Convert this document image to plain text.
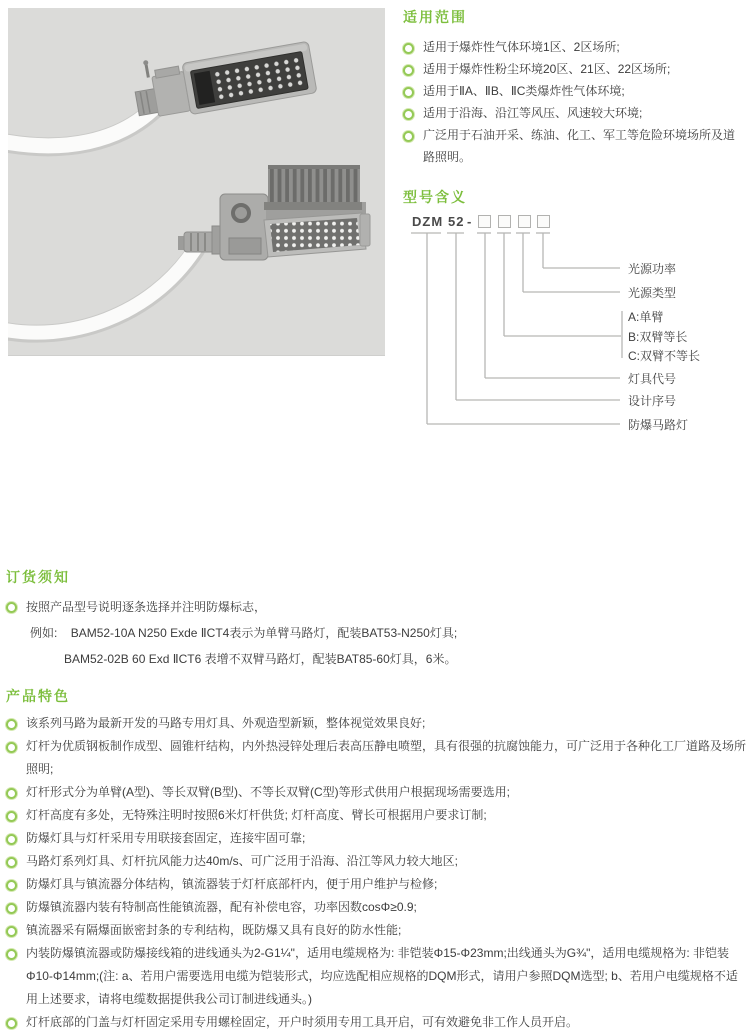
适用范围
适用于爆炸性气体环境1区、2区场所;
适用于爆炸性粉尘环境20区、21区、22区场所;
适用于ⅡA、ⅡB、ⅡC类爆炸性气体环境;
适用于沿海、沿江等风压、风速较大环境;
广泛用于石油开采、练油、化工、军工等危险环境场所及道路照明。
型号含义
DZM 52 -
光源功率
光源类型
A:单臂
B:双臂等长
C:双臂不等长
灯具代号
设计序号
防爆马路灯
订货须知
按照产品型号说明逐条选择并注明防爆标志，
例如: BAM52-10A N250 Exde ⅡCT4表示为单臂马路灯，配装BAT53-N250灯具;
BAM52-02B 60 Exd ⅡCT6 表增不双臂马路灯，配装BAT85-60灯具，6米。
产品特色
该系列马路为最新开发的马路专用灯具、外观造型新颖，整体视觉效果良好;
灯杆为优质钢板制作成型、圆锥杆结构，内外热浸锌处理后表高压静电喷塑，具有很强的抗腐蚀能力，可广泛用于各种化工厂道路及场所照明;
灯杆形式分为单臂(A型)、等长双臂(B型)、不等长双臂(C型)等形式供用户根据现场需要选用;
灯杆高度有多处，无特殊注明时按照6米灯杆供货; 灯杆高度、臂长可根据用户要求订制;
防爆灯具与灯杆采用专用联接套固定，连接牢固可靠;
马路灯系列灯具、灯杆抗风能力达40m/s、可广泛用于沿海、沿江等风力较大地区;
防爆灯具与镇流器分体结构，镇流器装于灯杆底部杆内，便于用户维护与检修;
防爆镇流器内装有特制高性能镇流器，配有补偿电容，功率因数cosΦ≥0.9;
镇流器采有隔爆面嵌密封条的专利结构，既防爆又具有良好的防水性能;
内装防爆镇流器或防爆接线箱的进线通头为2-G1¼"，适用电缆规格为: 非铠装Φ15-Φ23mm;出线通头为G¾"，适用电缆规格为: 非铠装Φ10-Φ14mm;(注: a、若用户需要选用电缆为铠装形式，均应选配相应规格的DQM形式，请用户参照DQM选型; b、若用户电缆规格不适用上述要求，请将电缆数据提供我公司订制进线通头。)
灯杆底部的门盖与灯杆固定采用专用螺栓固定，开户时须用专用工具开启，可有效避免非工作人员开启。
